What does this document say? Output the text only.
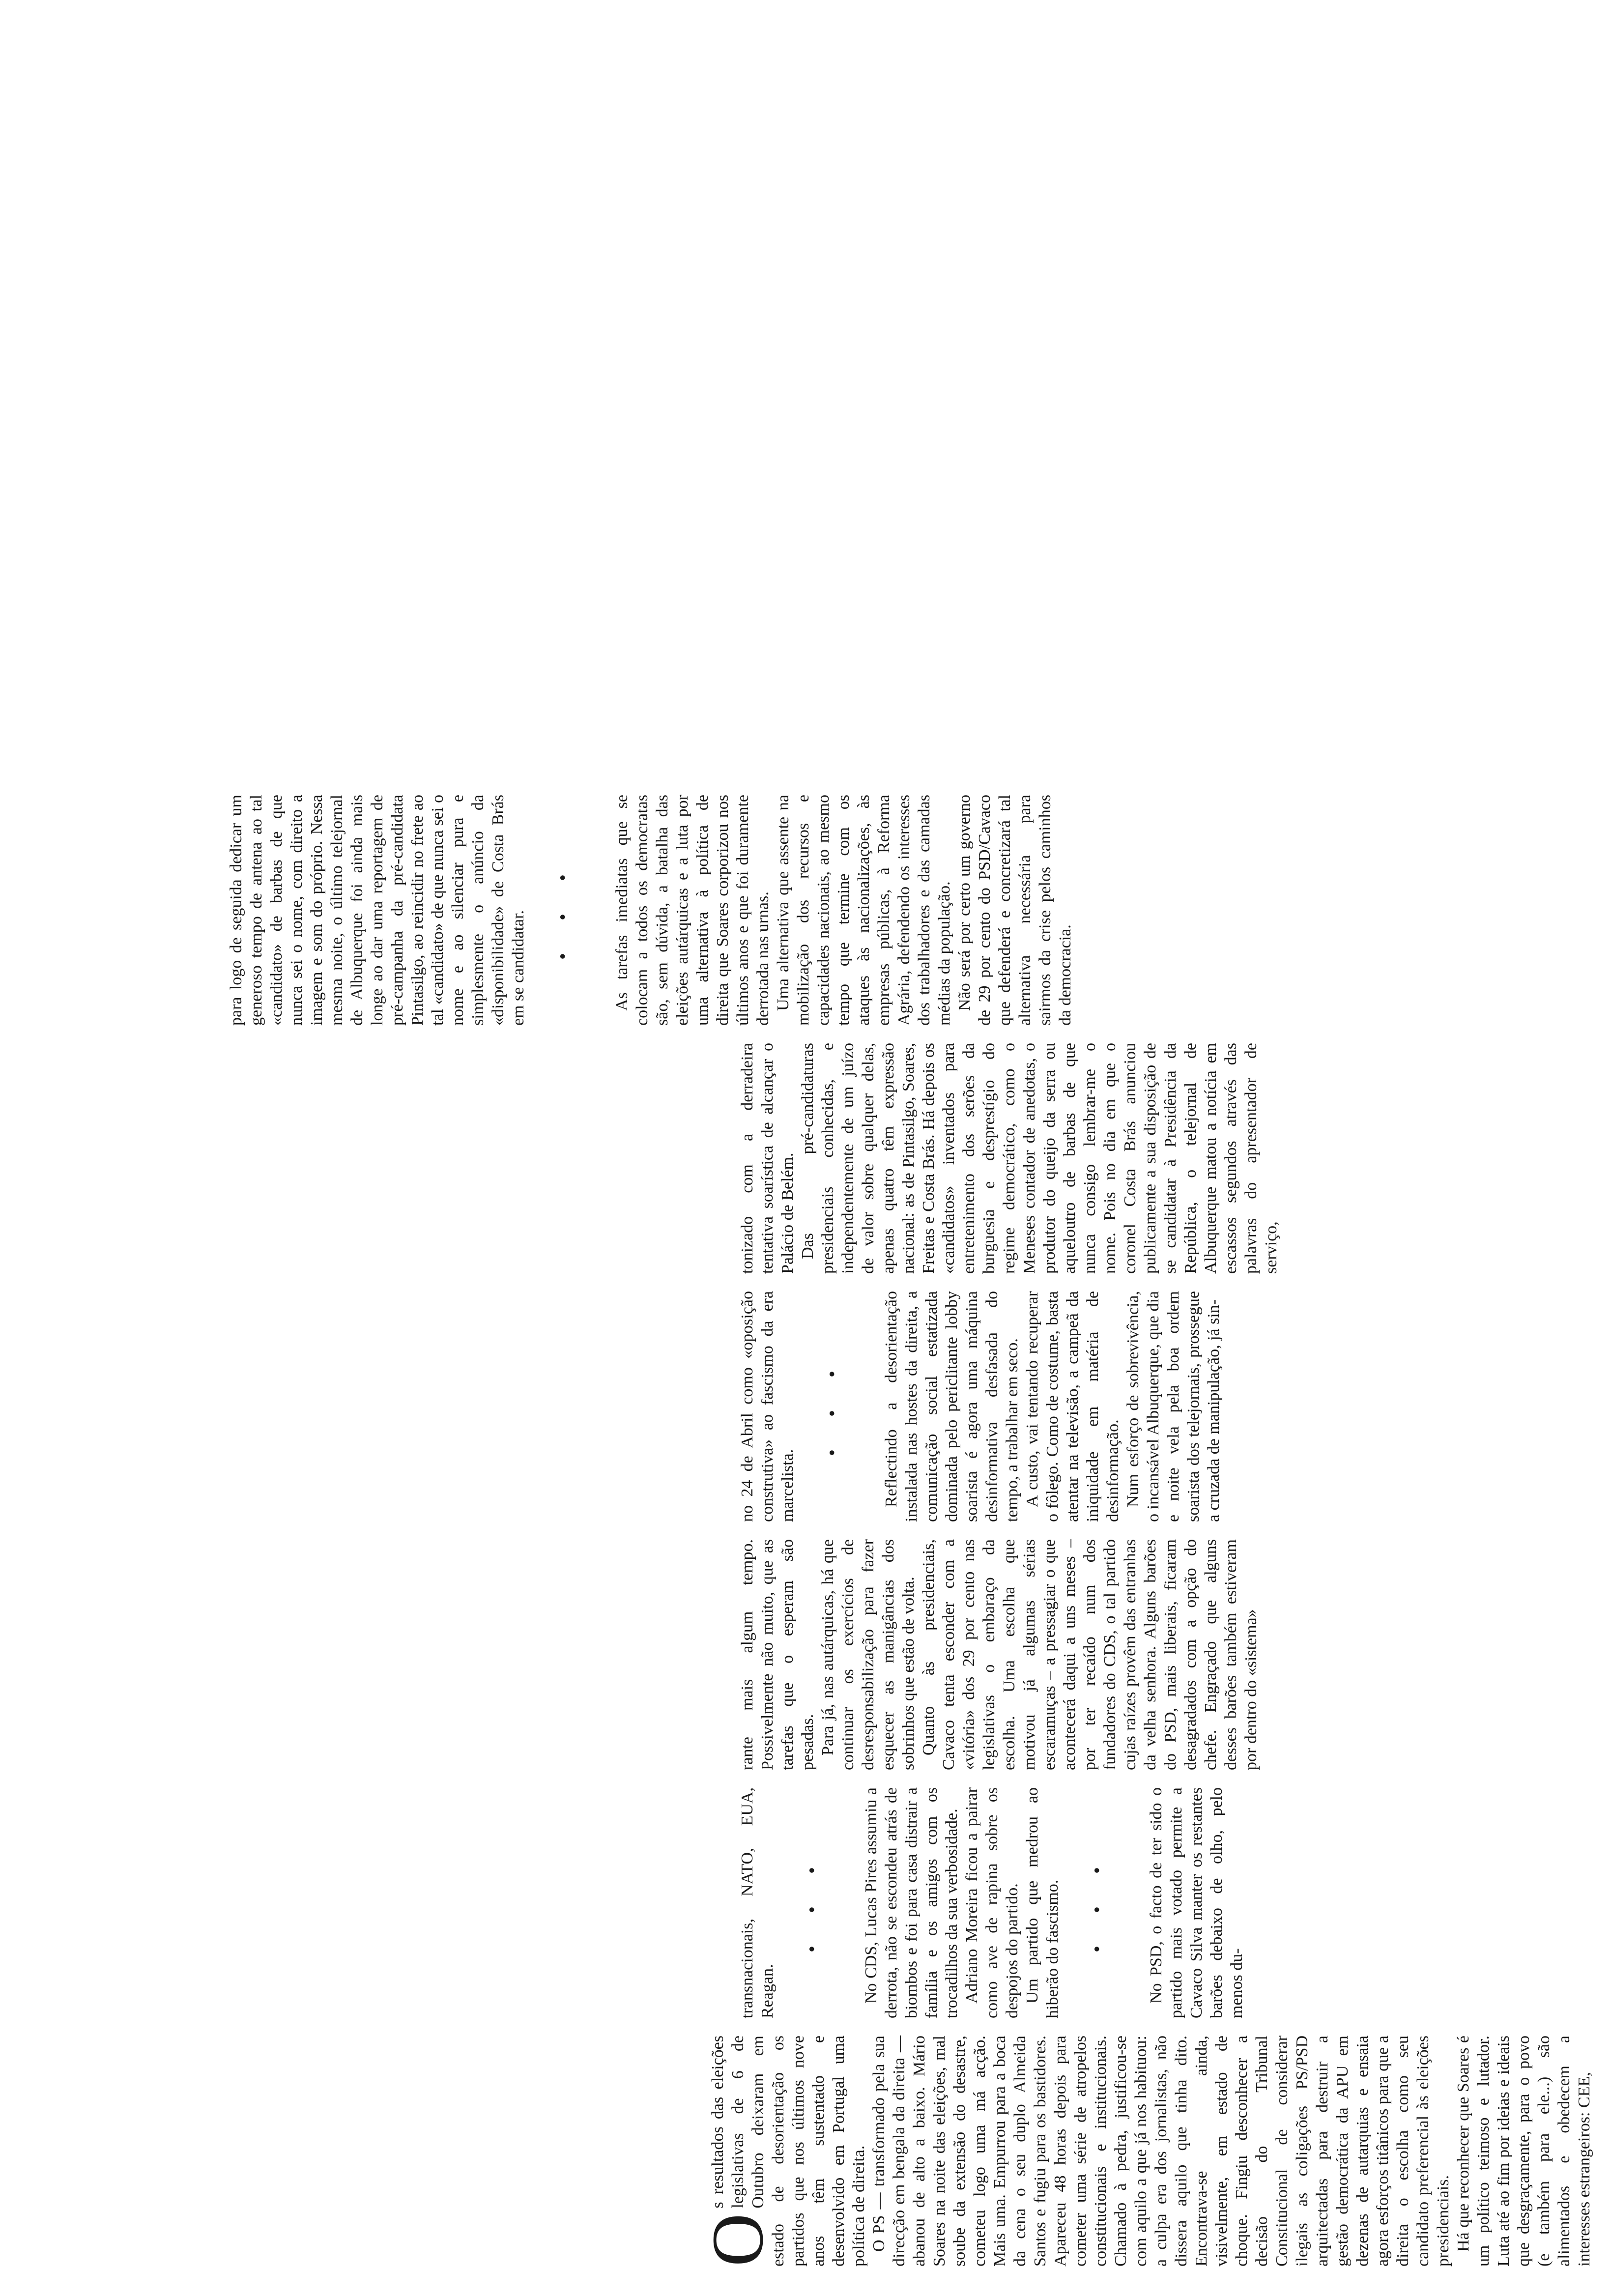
O
s resultados das eleições legislativas de 6 de Outubro deixaram em estado de desorientação os partidos que nos últimos nove anos têm sustentado e desenvolvido em Portugal uma política de direita. O PS — transformado pela sua direcção em bengala da direita — abanou de alto a baixo. Mário Soares na noite das eleições, mal soube da extensão do desastre, cometeu logo uma má acção. Mais uma. Empurrou para a boca da cena o seu duplo Almeida Santos e fugiu para os bastidores. Apareceu 48 horas depois para cometer uma série de atropelos constitucionais e institucionais. Chamado à pedra, justificou-se com aquilo a que já nos habituou: a culpa era dos jornalistas, não dissera aquilo que tinha dito. Encontrava-se ainda, visivelmente, em estado de choque. Fingiu desconhecer a decisão do Tribunal Constitucional de considerar ilegais as coligações PS/PSD arquitectadas para destruir a gestão democrática da APU em dezenas de autarquias e ensaia agora esforços titânicos para que a direita o escolha como seu candidato preferencial às eleições presidenciais. Há que reconhecer que Soares é um político teimoso e lutador. Luta até ao fim por ideias e ideais que desgraçamente, para o povo (e também para ele...) são alimentados e obedecem a interesses estrangeiros: CEE,

transnacionais, NATO, EUA, Reagan.

• • • No CDS, Lucas Pires assumiu a derrota, não se escondeu atrás de biombos e foi para casa distrair a família e os amigos com os trocadilhos da sua verbosidade. Adriano Moreira ficou a pairar como ave de rapina sobre os despojos do partido. Um partido que medrou ao hiberão do fascismo. • • • No PSD, o facto de ter sido o partido mais votado permite a Cavaco Silva manter os restantes barões debaixo de olho, pelo menos du-

rante mais algum tempo. Possivelmente não muito, que as tarefas que o esperam são pesadas. Para já, nas autárquicas, há que continuar os exercícios de desresponsabilização para fazer esquecer as manigâncias dos sobrinhos que estão de volta. Quanto às presidenciais, Cavaco tenta esconder com a «vitória» dos 29 por cento nas legislativas o embaraço da escolha. Uma escolha que motivou já algumas sérias escaramuças – a pressagiar o que acontecerá daqui a uns meses – por ter recaído num dos fundadores do CDS, o tal partido cujas raízes provêm das entranhas da velha senhora. Alguns barões do PSD, mais liberais, ficaram desagradados com a opção do chefe. Engraçado que alguns desses barões também estiveram por dentro do «sistema»

no 24 de Abril como «oposição construtiva» ao fascismo da era marcelista.

• • • Reflectindo a desorientação instalada nas hostes da direita, a comunicação social estatizada dominada pelo periclitante lobby soarista é agora uma máquina desinformativa desfasada do tempo, a trabalhar em seco. A custo, vai tentando recuperar o fôlego. Como de costume, basta atentar na televisão, a campeã da iniquidade em matéria de desinformação. Num esforço de sobrevivência, o incansável Albuquerque, que dia e noite vela pela boa ordem soarista dos telejornais, prossegue a cruzada de manipulação, já sin-

tonizado com a derradeira tentativa soarística de alcançar o Palácio de Belém. Das pré-candidaturas presidenciais conhecidas, e independentemente de um juízo de valor sobre qualquer delas, apenas quatro têm expressão nacional: as de Pintasilgo, Soares, Freitas e Costa Brás. Há depois os «candidatos» inventados para entretenimento dos serões da burguesia e desprestígio do regime democrático, como o Meneses contador de anedotas, o produtor do queijo da serra ou aqueloutro de barbas de que nunca consigo lembrar-me o nome. Pois no dia em que o coronel Costa Brás anunciou publicamente a sua disposição de se candidatar à Presidência da República, o telejornal de Albuquerque matou a notícia em escassos segundos através das palavras do apresentador de serviço,

para logo de seguida dedicar um generoso tempo de antena ao tal «candidato» de barbas de que nunca sei o nome, com direito a imagem e som do próprio. Nessa mesma noite, o último telejornal de Albuquerque foi ainda mais longe ao dar uma reportagem de pré-campanha da pré-candidata Pintasilgo, ao reincidir no frete ao tal «candidato» de que nunca sei o nome e ao silenciar pura e simplesmente o anúncio da «disponibilidade» de Costa Brás em se candidatar. • • • As tarefas imediatas que se colocam a todos os democratas são, sem dúvida, a batalha das eleições autárquicas e a luta por uma alternativa à política de direita que Soares corporizou nos últimos anos e que foi duramente derrotada nas urnas. Uma alternativa que assente na mobilização dos recursos e capacidades nacionais, ao mesmo tempo que termine com os ataques às nacionalizações, às empresas públicas, à Reforma Agrária, defendendo os interesses dos trabalhadores e das camadas médias da população. Não será por certo um governo de 29 por cento do PSD/Cavaco que defenderá e concretizará tal alternativa necessária para sairmos da crise pelos caminhos da democracia.
